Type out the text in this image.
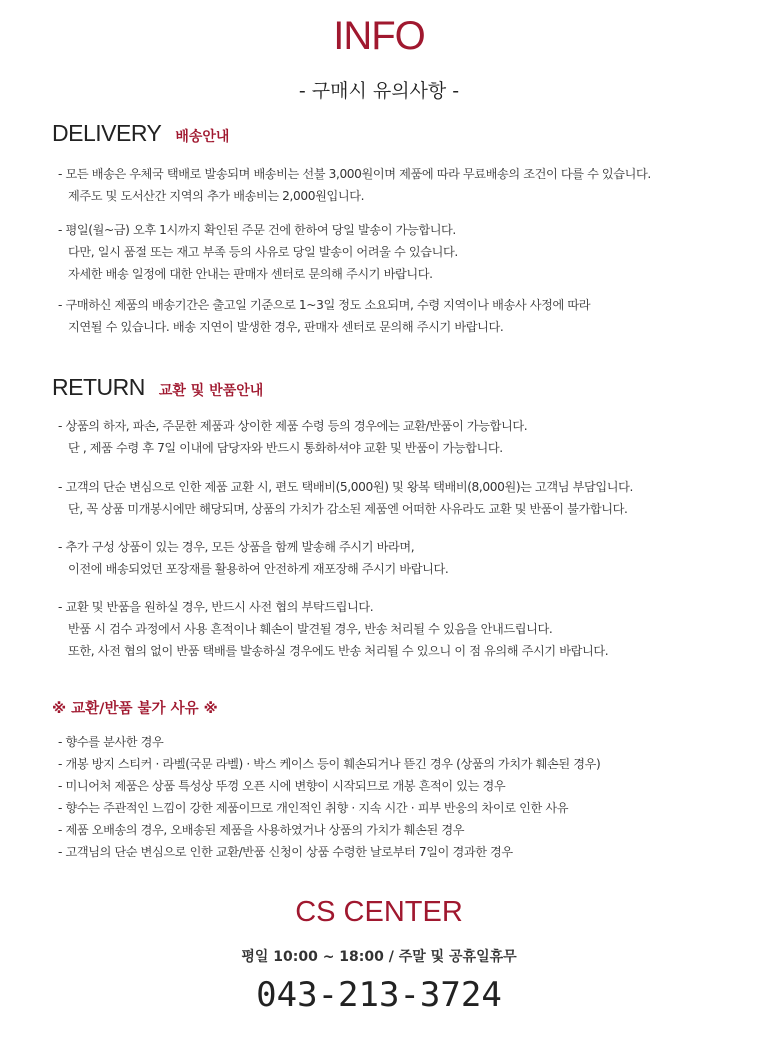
INFO
- 구매시 유의사항 -
DELIVERY 배송안내
- 모든 배송은 우체국 택배로 발송되며 배송비는 선불 3,000원이며 제품에 따라 무료배송의 조건이 다를 수 있습니다.
제주도 및 도서산간 지역의 추가 배송비는 2,000원입니다.
- 평일(월~금) 오후 1시까지 확인된 주문 건에 한하여 당일 발송이 가능합니다.
다만, 일시 품절 또는 재고 부족 등의 사유로 당일 발송이 어려울 수 있습니다.
자세한 배송 일정에 대한 안내는 판매자 센터로 문의해 주시기 바랍니다.
- 구매하신 제품의 배송기간은 출고일 기준으로 1~3일 정도 소요되며, 수령 지역이나 배송사 사정에 따라
지연될 수 있습니다. 배송 지연이 발생한 경우, 판매자 센터로 문의해 주시기 바랍니다.
RETURN 교환 및 반품안내
- 상품의 하자, 파손, 주문한 제품과 상이한 제품 수령 등의 경우에는 교환/반품이 가능합니다.
단 , 제품 수령 후 7일 이내에 담당자와 반드시 통화하셔야 교환 및 반품이 가능합니다.
- 고객의 단순 변심으로 인한 제품 교환 시, 편도 택배비(5,000원) 및 왕복 택배비(8,000원)는 고객님 부담입니다.
단, 꼭 상품 미개봉시에만 해당되며, 상품의 가치가 감소된 제품엔 어떠한 사유라도 교환 및 반품이 불가합니다.
- 추가 구성 상품이 있는 경우, 모든 상품을 함께 발송해 주시기 바라며,
이전에 배송되었던 포장재를 활용하여 안전하게 재포장해 주시기 바랍니다.
- 교환 및 반품을 원하실 경우, 반드시 사전 협의 부탁드립니다.
반품 시 검수 과정에서 사용 흔적이나 훼손이 발견될 경우, 반송 처리될 수 있음을 안내드립니다.
또한, 사전 협의 없이 반품 택배를 발송하실 경우에도 반송 처리될 수 있으니 이 점 유의해 주시기 바랍니다.
※ 교환/반품 불가 사유 ※
- 향수를 분사한 경우
- 개봉 방지 스티커 · 라벨(국문 라벨) · 박스 케이스 등이 훼손되거나 뜯긴 경우 (상품의 가치가 훼손된 경우)
- 미니어처 제품은 상품 특성상 뚜껑 오픈 시에 변향이 시작되므로 개봉 흔적이 있는 경우
- 향수는 주관적인 느낌이 강한 제품이므로 개인적인 취향 · 지속 시간 · 피부 반응의 차이로 인한 사유
- 제품 오배송의 경우, 오배송된 제품을 사용하였거나 상품의 가치가 훼손된 경우
- 고객님의 단순 변심으로 인한 교환/반품 신청이 상품 수령한 날로부터 7일이 경과한 경우
CS CENTER
평일 10:00 ~ 18:00 / 주말 및 공휴일휴무
043-213-3724
